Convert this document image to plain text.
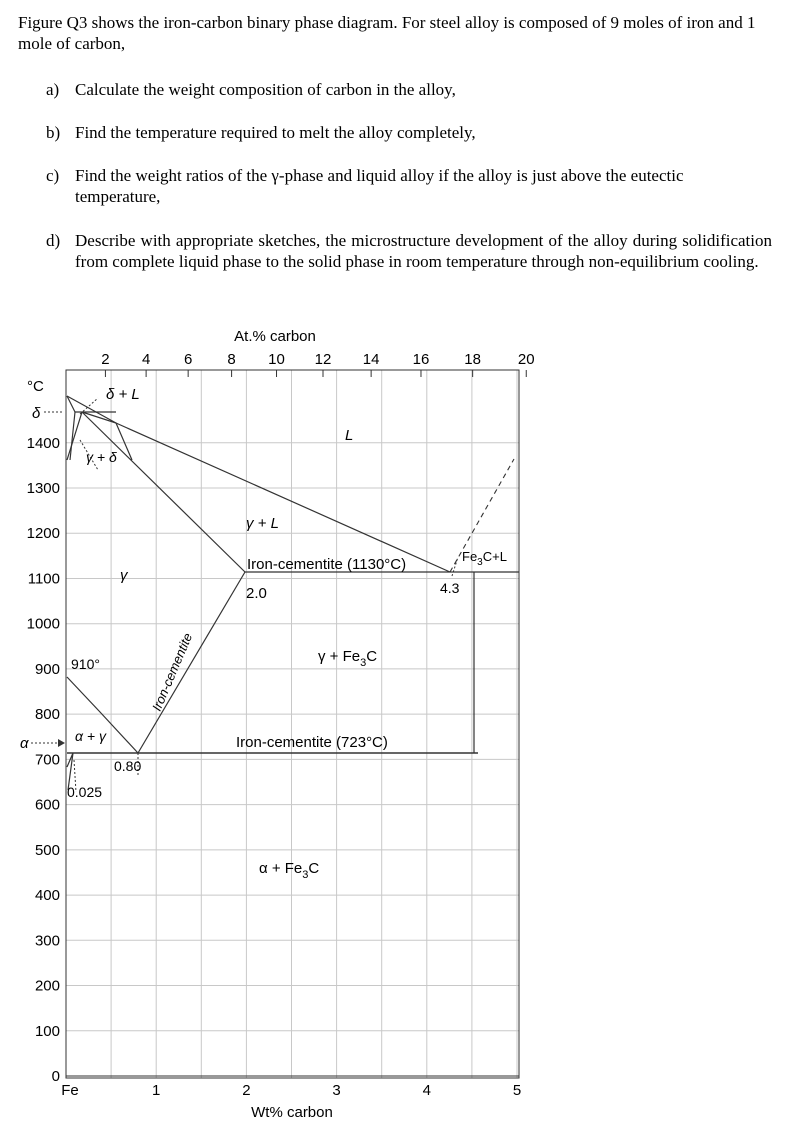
Figure Q3 shows the iron-carbon binary phase diagram. For steel alloy is composed of 9 moles of iron and 1 mole of carbon,
a) Calculate the weight composition of carbon in the alloy,
b) Find the temperature required to melt the alloy completely,
c) Find the weight ratios of the γ-phase and liquid alloy if the alloy is just above the eutectic temperature,
d) Describe with appropriate sketches, the microstructure development of the alloy during solidification from complete liquid phase to the solid phase in room temperature through non-equilibrium cooling.
0
100
200
300
400
500
600
700
800
900
1000
1100
1200
1300
1400
2 4 6 8 10 12 14 16 18 20
Fe	1	2	3	4	5
At.% carbon
Wt% carbon
°C
δ
α
L
δ + L
γ + δ
γ
γ + L
α + γ
$\gamma + Fe_3C$
$\alpha + Fe_3C$
$Fe_3C+L$
Iron-cementite (1130°C)
Iron-cementite (723°C)
4.3
2.0
0.80
0.025
910°	Iron-cementite
